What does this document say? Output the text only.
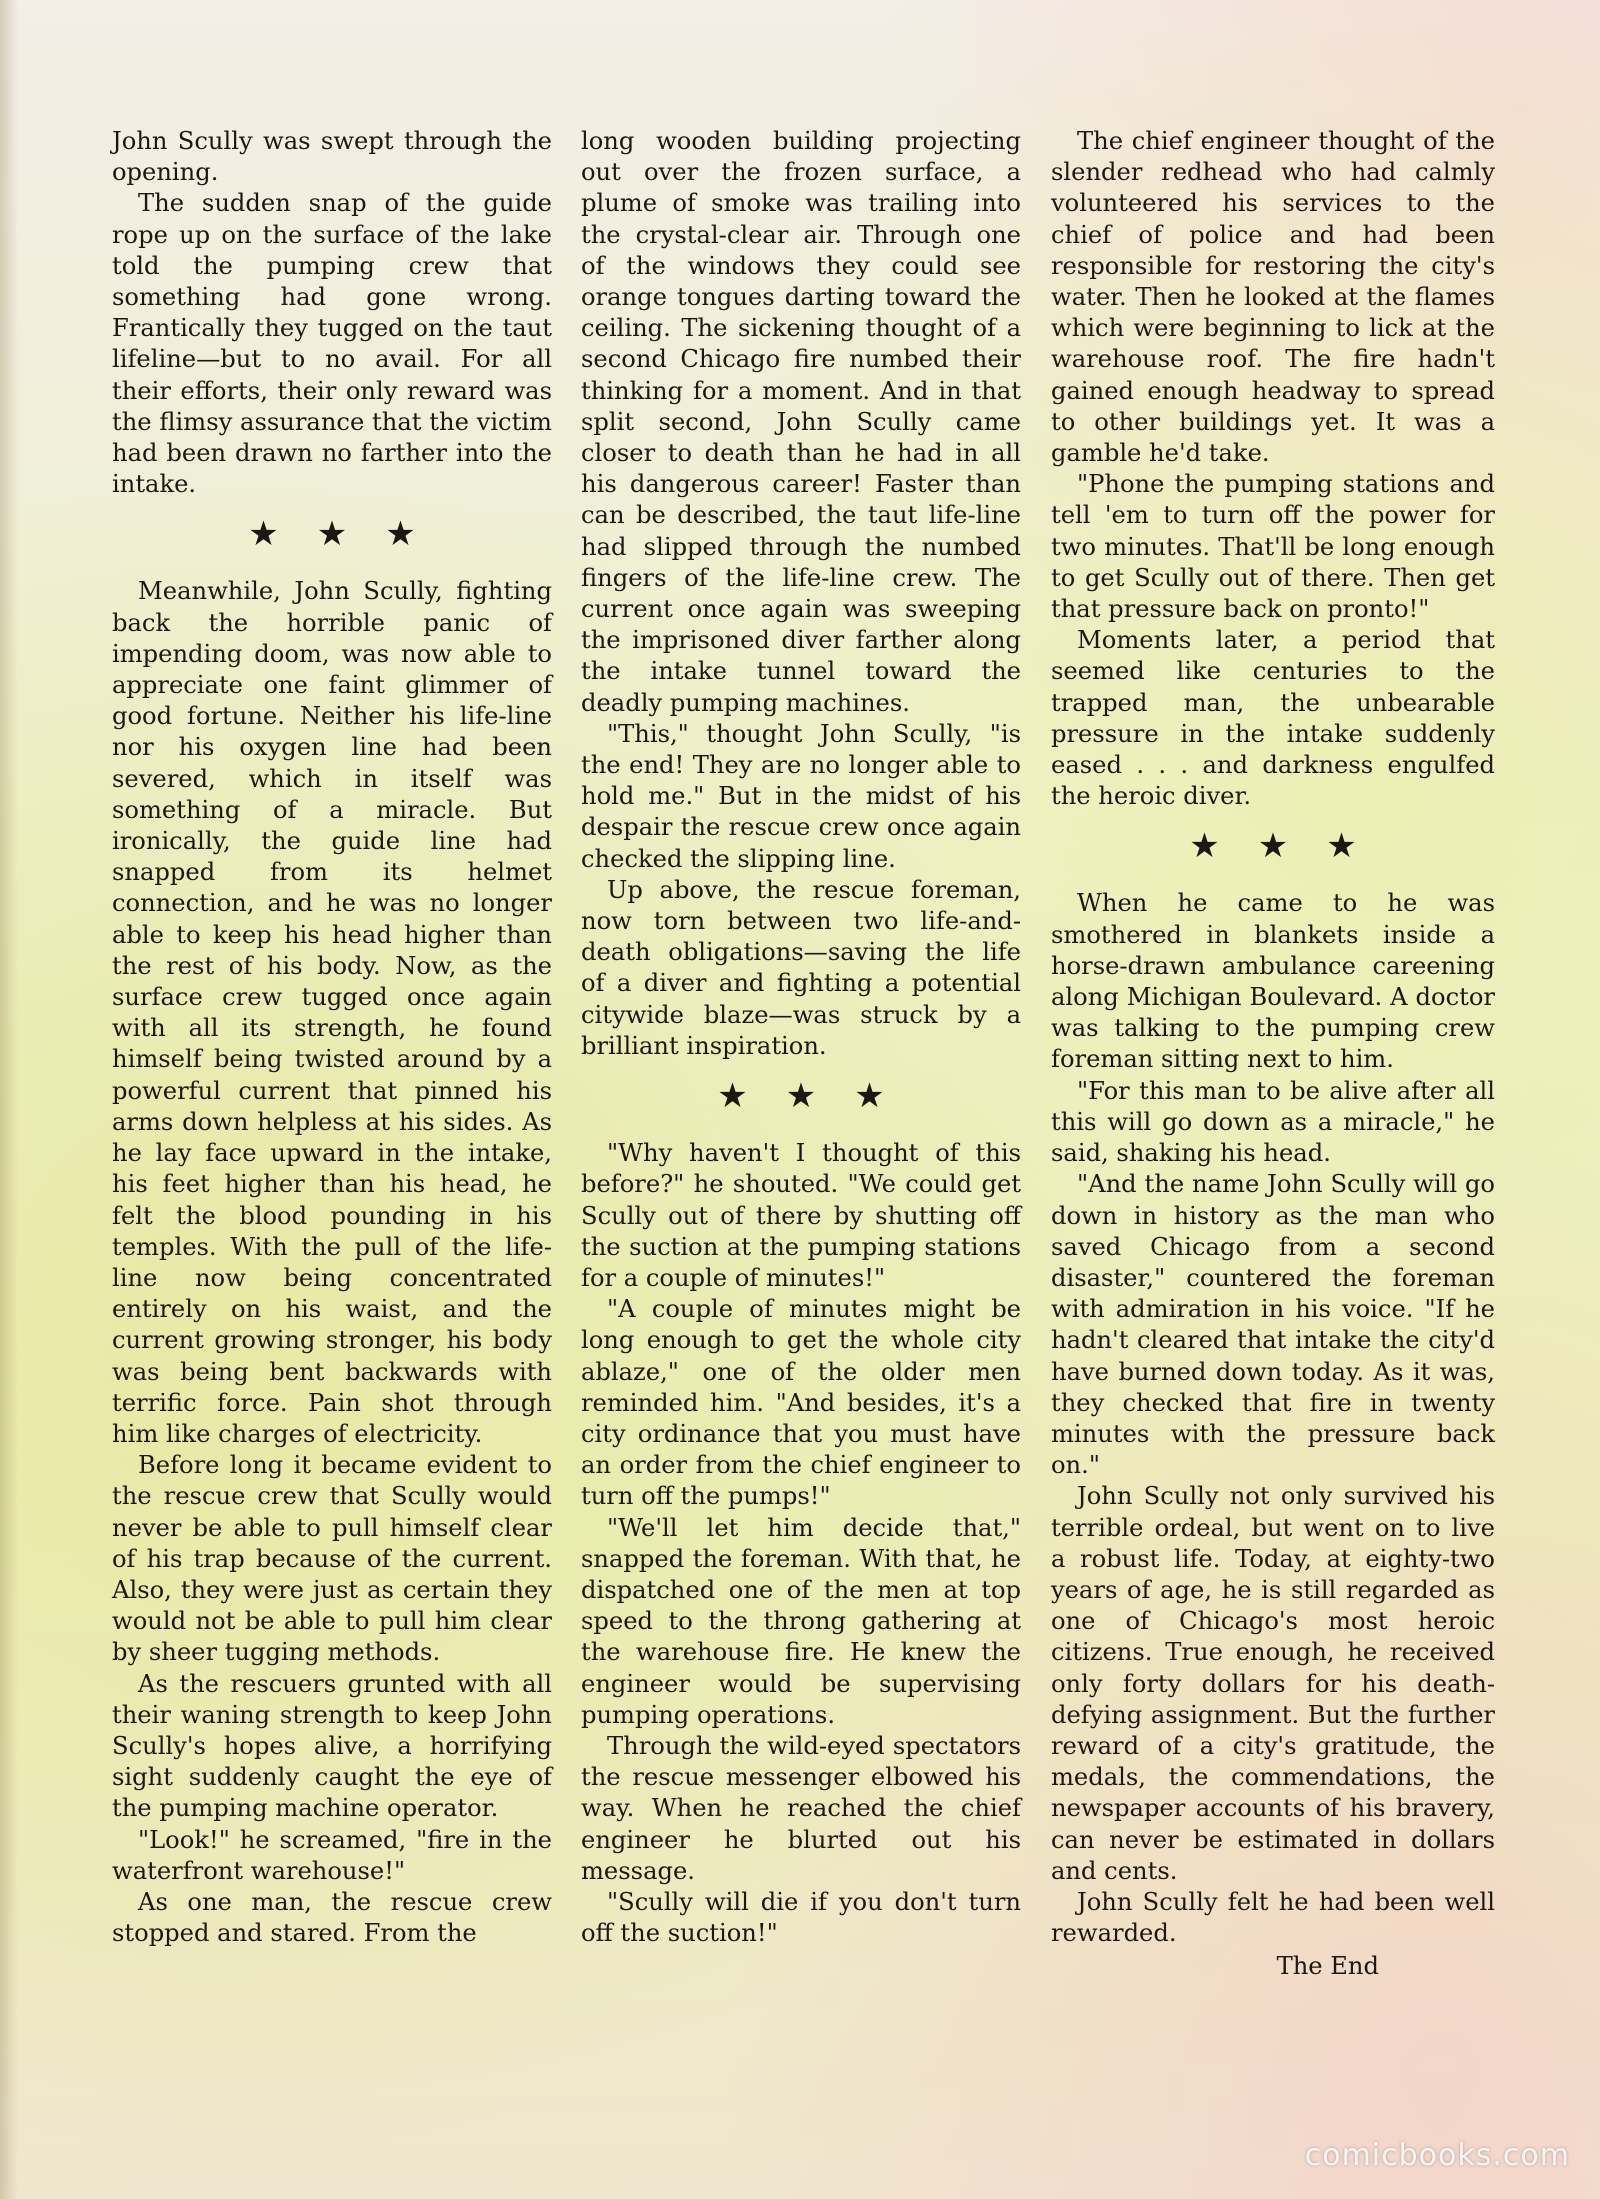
John Scully was swept through the opening.

The sudden snap of the guide rope up on the surface of the lake told the pumping crew that something had gone wrong. Frantically they tugged on the taut lifeline—but to no avail. For all their efforts, their only reward was the flimsy assurance that the victim had been drawn no farther into the intake.

★★★

Meanwhile, John Scully, fighting back the horrible panic of impending doom, was now able to appreciate one faint glimmer of good fortune. Neither his life-line nor his oxygen line had been severed, which in itself was something of a miracle. But ironically, the guide line had snapped from its helmet connection, and he was no longer able to keep his head higher than the rest of his body. Now, as the surface crew tugged once again with all its strength, he found himself being twisted around by a powerful current that pinned his arms down helpless at his sides. As he lay face upward in the intake, his feet higher than his head, he felt the blood pounding in his temples. With the pull of the life-line now being concentrated entirely on his waist, and the current growing stronger, his body was being bent backwards with terrific force. Pain shot through him like charges of electricity.

Before long it became evident to the rescue crew that Scully would never be able to pull himself clear of his trap because of the current. Also, they were just as certain they would not be able to pull him clear by sheer tugging methods.

As the rescuers grunted with all their waning strength to keep John Scully's hopes alive, a horrifying sight suddenly caught the eye of the pumping machine operator.

"Look!" he screamed, "fire in the waterfront warehouse!"

As one man, the rescue crew stopped and stared. From the

long wooden building projecting out over the frozen surface, a plume of smoke was trailing into the crystal-clear air. Through one of the windows they could see orange tongues darting toward the ceiling. The sickening thought of a second Chicago fire numbed their thinking for a moment. And in that split second, John Scully came closer to death than he had in all his dangerous career! Faster than can be described, the taut life-line had slipped through the numbed fingers of the life-line crew. The current once again was sweeping the imprisoned diver farther along the intake tunnel toward the deadly pumping machines.

"This," thought John Scully, "is the end! They are no longer able to hold me." But in the midst of his despair the rescue crew once again checked the slipping line.

Up above, the rescue foreman, now torn between two life-and-death obligations—saving the life of a diver and fighting a potential citywide blaze—was struck by a brilliant inspiration.

★★★

"Why haven't I thought of this before?" he shouted. "We could get Scully out of there by shutting off the suction at the pumping stations for a couple of minutes!"

"A couple of minutes might be long enough to get the whole city ablaze," one of the older men reminded him. "And besides, it's a city ordinance that you must have an order from the chief engineer to turn off the pumps!"

"We'll let him decide that," snapped the foreman. With that, he dispatched one of the men at top speed to the throng gathering at the warehouse fire. He knew the engineer would be supervising pumping operations.

Through the wild-eyed spectators the rescue messenger elbowed his way. When he reached the chief engineer he blurted out his message.

"Scully will die if you don't turn off the suction!"

The chief engineer thought of the slender redhead who had calmly volunteered his services to the chief of police and had been responsible for restoring the city's water. Then he looked at the flames which were beginning to lick at the warehouse roof. The fire hadn't gained enough headway to spread to other buildings yet. It was a gamble he'd take.

"Phone the pumping stations and tell 'em to turn off the power for two minutes. That'll be long enough to get Scully out of there. Then get that pressure back on pronto!"

Moments later, a period that seemed like centuries to the trapped man, the unbearable pressure in the intake suddenly eased . . . and darkness engulfed the heroic diver.

★★★

When he came to he was smothered in blankets inside a horse-drawn ambulance careening along Michigan Boulevard. A doctor was talking to the pumping crew foreman sitting next to him.

"For this man to be alive after all this will go down as a miracle," he said, shaking his head.

"And the name John Scully will go down in history as the man who saved Chicago from a second disaster," countered the foreman with admiration in his voice. "If he hadn't cleared that intake the city'd have burned down today. As it was, they checked that fire in twenty minutes with the pressure back on."

John Scully not only survived his terrible ordeal, but went on to live a robust life. Today, at eighty-two years of age, he is still regarded as one of Chicago's most heroic citizens. True enough, he received only forty dollars for his death-defying assignment. But the further reward of a city's gratitude, the medals, the commendations, the newspaper accounts of his bravery, can never be estimated in dollars and cents.

John Scully felt he had been well rewarded.

The End
comicbooks.com
